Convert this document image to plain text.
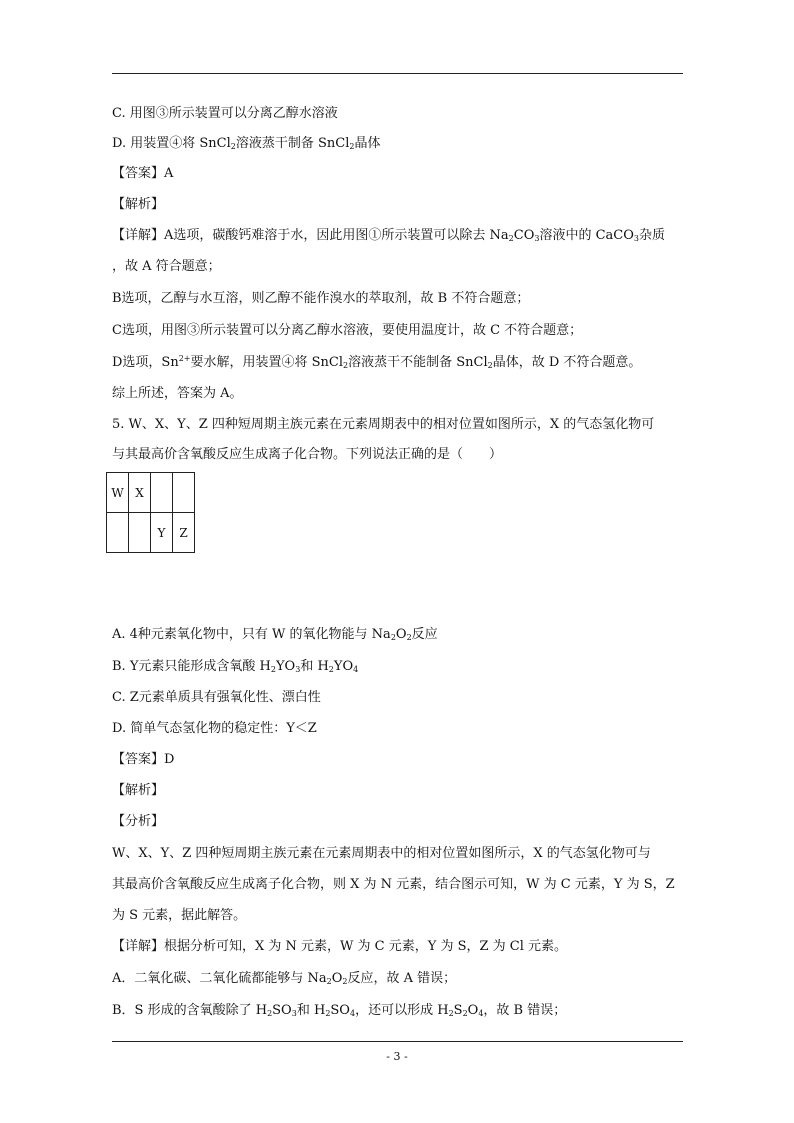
C. 用图③所示装置可以分离乙醇水溶液
D. 用装置④将 SnCl$_2$溶液蒸干制备 SnCl$_2$晶体
【答案】A
【解析】
【详解】A选项，碳酸钙难溶于水，因此用图①所示装置可以除去 $Na_2CO_3$溶液中的 CaCO$_3$杂质
，故 A 符合题意；
B选项，乙醇与水互溶，则乙醇不能作溴水的萃取剂，故 B 不符合题意；
C选项，用图③所示装置可以分离乙醇水溶液，要使用温度计，故 C 不符合题意；
D选项，$Sn^{2+}$要水解，用装置④将 SnCl$_2$溶液蒸干不能制备 SnCl$_2$晶体，故 D 不符合题意。
综上所述，答案为 A。
5. W、X、Y、Z 四种短周期主族元素在元素周期表中的相对位置如图所示，X 的气态氢化物可
与其最高价含氧酸反应生成离子化合物。下列说法正确的是（　　）
W	X		
		Y	Z
A. 4种元素氧化物中，只有 W 的氧化物能与 $Na_2O_2$反应
B. Y元素只能形成含氧酸 $H_2YO_3$和 $H_2YO_4$
C. Z元素单质具有强氧化性、漂白性
D. 简单气态氢化物的稳定性：Y＜Z
【答案】D
【解析】
【分析】
W、X、Y、Z 四种短周期主族元素在元素周期表中的相对位置如图所示，X 的气态氢化物可与
其最高价含氧酸反应生成离子化合物，则 X 为 N 元素，结合图示可知，W 为 C 元素，Y 为 S，Z
为 S 元素，据此解答。
【详解】根据分析可知，X 为 N 元素，W 为 C 元素，Y 为 S，Z 为 Cl 元素。
A．二氧化碳、二氧化硫都能够与 $Na_2O_2$反应，故 A 错误；
B．S 形成的含氧酸除了 $H_2SO_3$和 $H_2SO_4$，还可以形成 $H_2S_2O_4$，故 B 错误；
- 3 -
